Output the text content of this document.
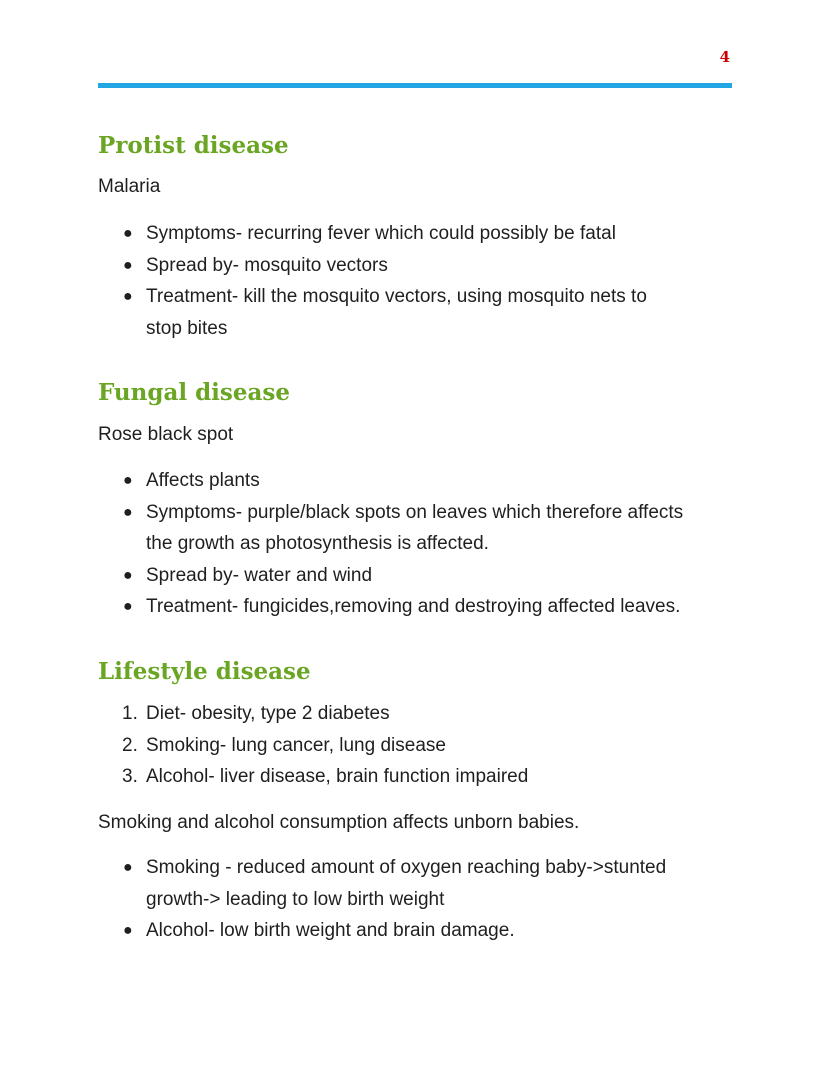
4
Protist disease

Malaria

● Symptoms- recurring fever which could possibly be fatal
● Spread by- mosquito vectors
● Treatment- kill the mosquito vectors, using mosquito nets to
stop bites
Fungal disease

Rose black spot

● Affects plants
● Symptoms- purple/black spots on leaves which therefore affects
the growth as photosynthesis is affected.
● Spread by- water and wind
● Treatment- fungicides,removing and destroying affected leaves.
Lifestyle disease
1. Diet- obesity, type 2 diabetes
2. Smoking- lung cancer, lung disease
3. Alcohol- liver disease, brain function impaired

Smoking and alcohol consumption affects unborn babies.

● Smoking - reduced amount of oxygen reaching baby->stunted
growth-> leading to low birth weight
● Alcohol- low birth weight and brain damage.
